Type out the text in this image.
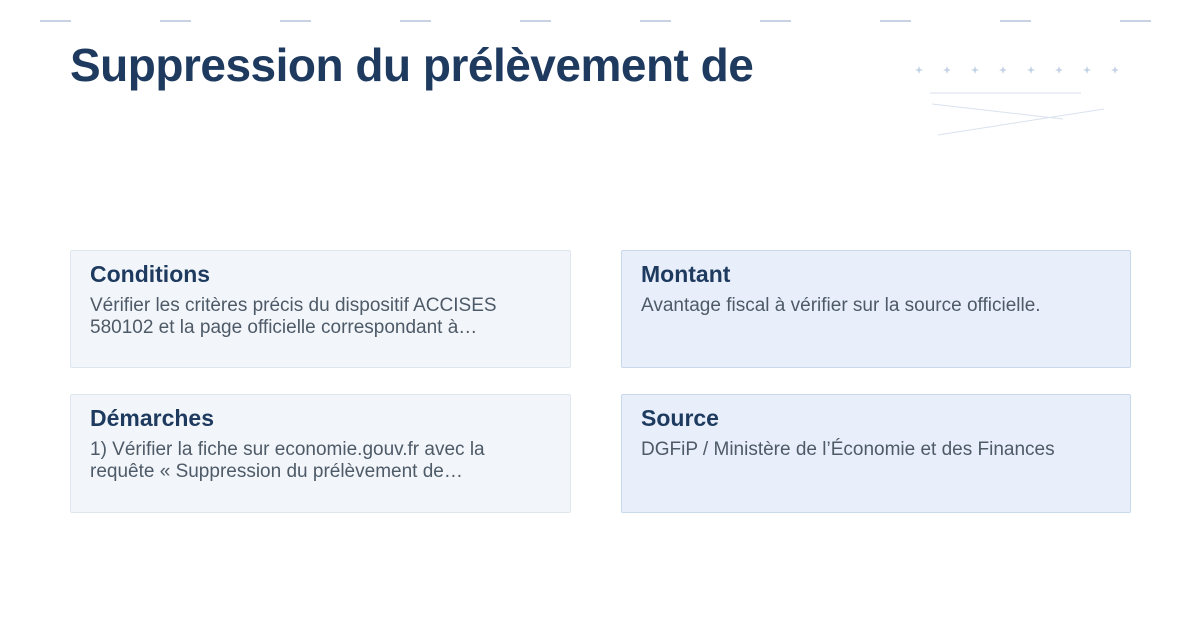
Suppression du prélèvement de
Conditions

Vérifier les critères précis du dispositif ACCISES 580102 et la page officielle correspondant à…

Montant

Avantage fiscal à vérifier sur la source officielle.

Démarches

1) Vérifier la fiche sur economie.gouv.fr avec la requête « Suppression du prélèvement de…

Source

DGFiP / Ministère de l’Économie et des Finances
